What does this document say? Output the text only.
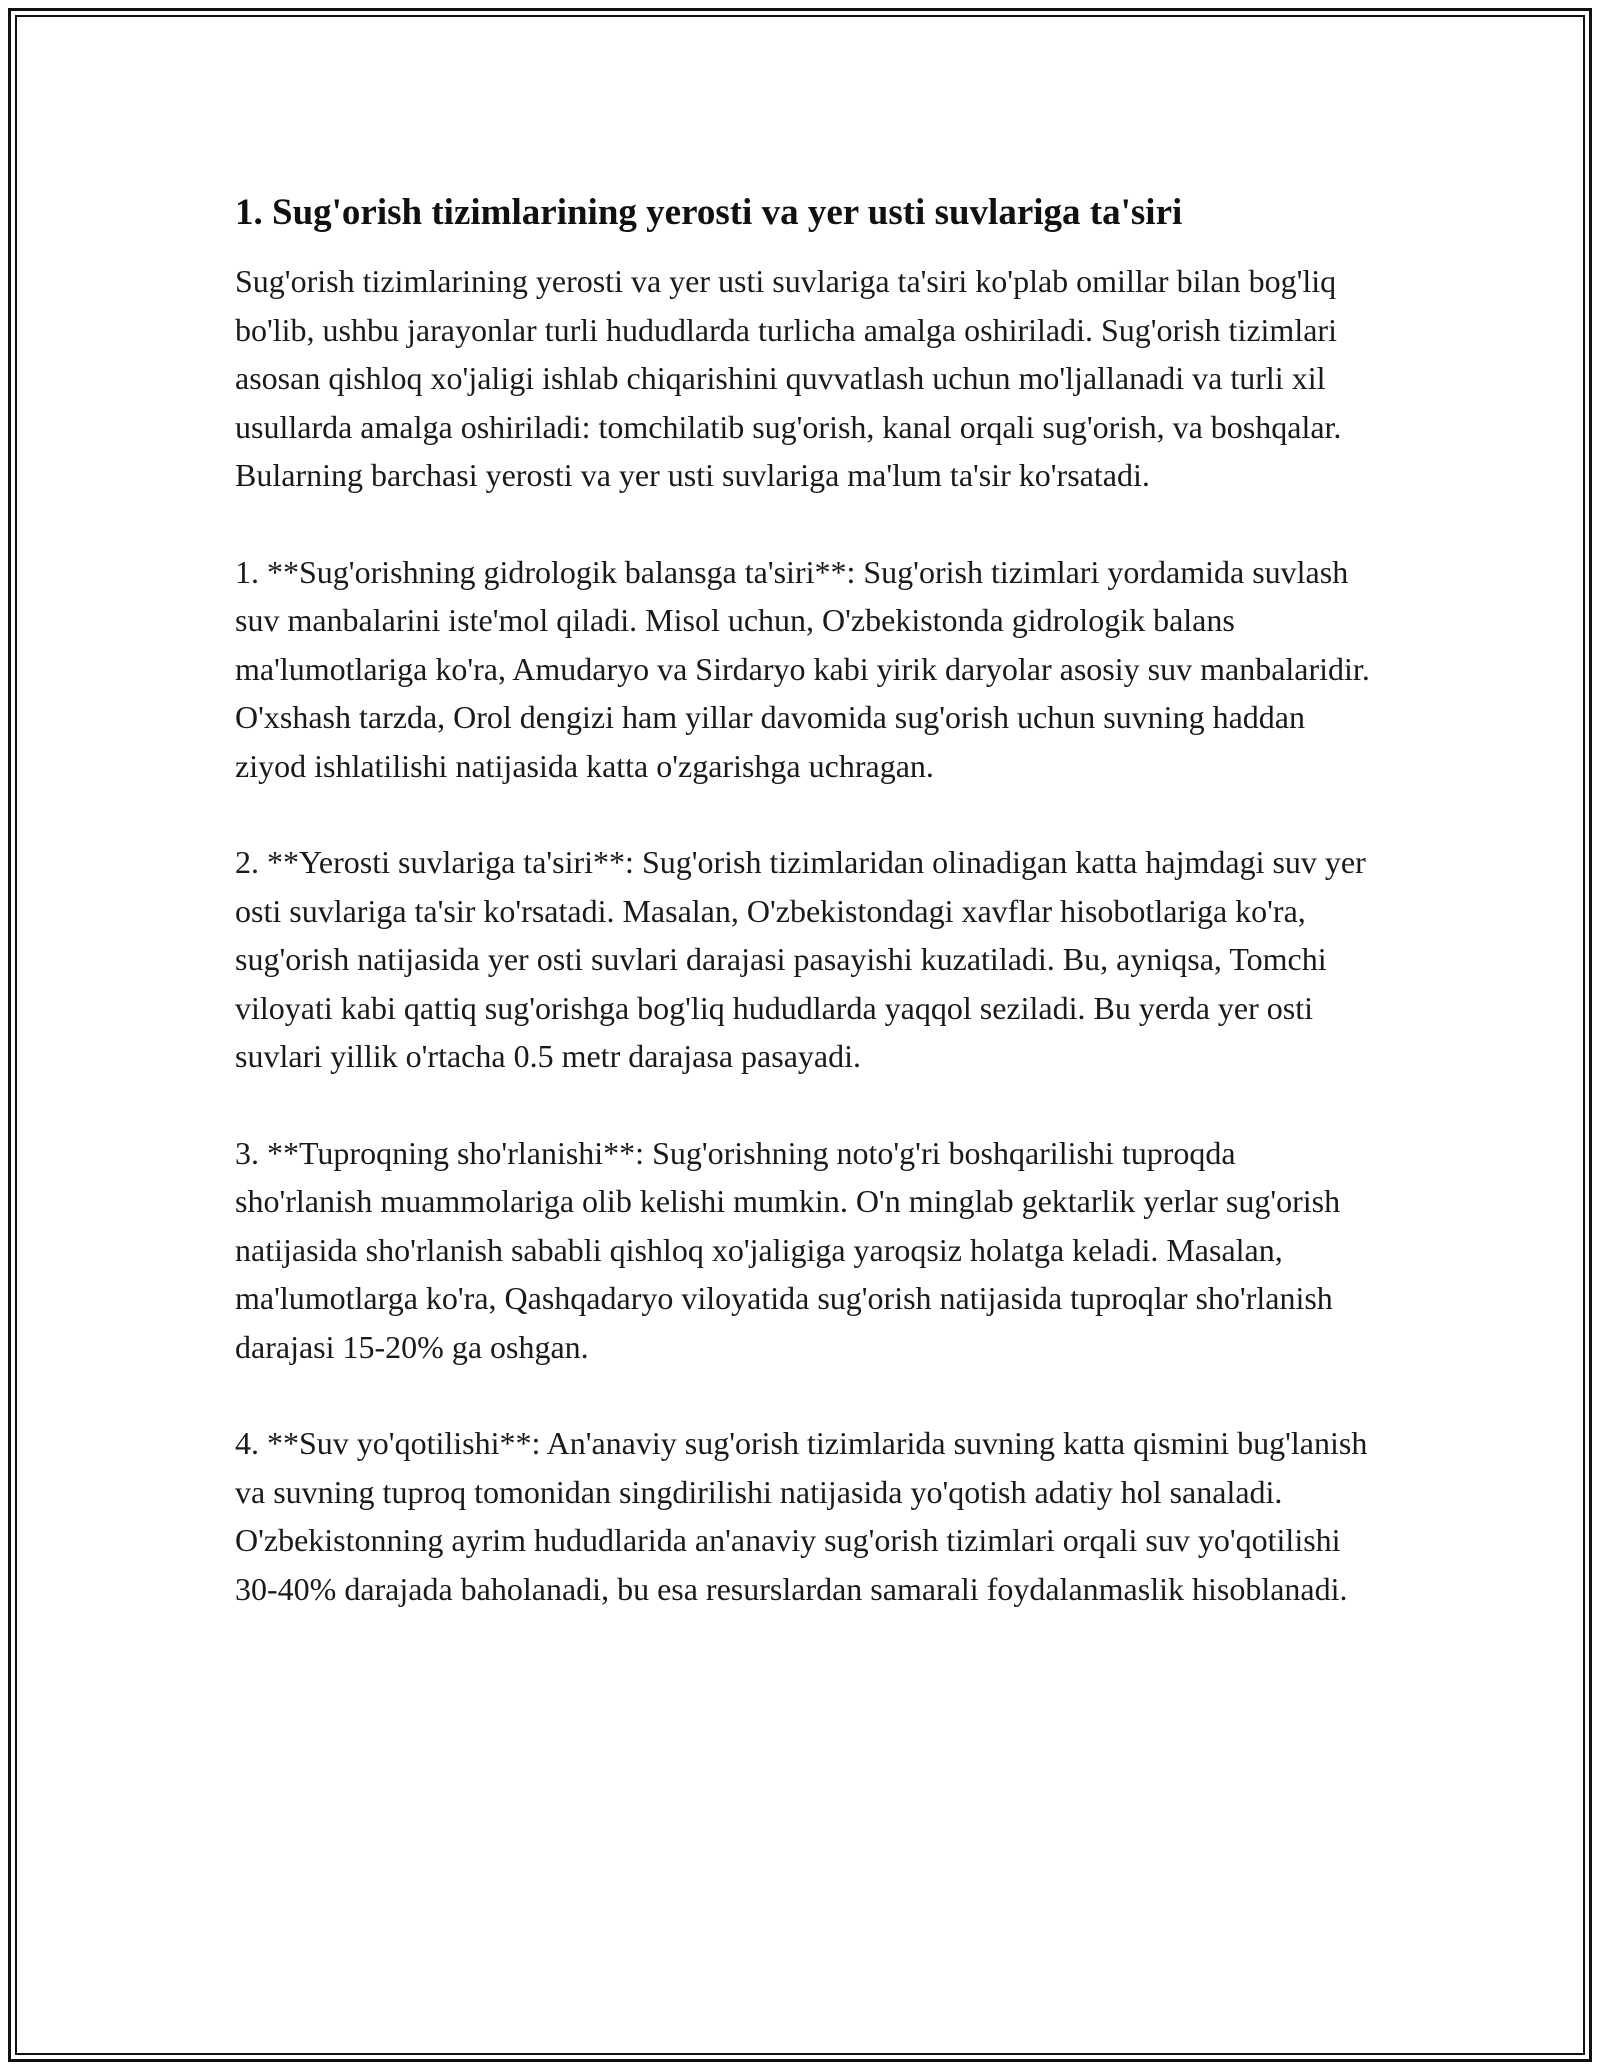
1. Sug'orish tizimlarining yerosti va yer usti suvlariga ta'siri

Sug'orish tizimlarining yerosti va yer usti suvlariga ta'siri ko'plab omillar bilan bog'liq bo'lib, ushbu jarayonlar turli hududlarda turlicha amalga oshiriladi. Sug'orish tizimlari asosan qishloq xo'jaligi ishlab chiqarishini quvvatlash uchun mo'ljallanadi va turli xil usullarda amalga oshiriladi: tomchilatib sug'orish, kanal orqali sug'orish, va boshqalar. Bularning barchasi yerosti va yer usti suvlariga ma'lum ta'sir ko'rsatadi.

1. **Sug'orishning gidrologik balansga ta'siri**: Sug'orish tizimlari yordamida suvlash suv manbalarini iste'mol qiladi. Misol uchun, O'zbekistonda gidrologik balans ma'lumotlariga ko'ra, Amudaryo va Sirdaryo kabi yirik daryolar asosiy suv manbalaridir. O'xshash tarzda, Orol dengizi ham yillar davomida sug'orish uchun suvning haddan ziyod ishlatilishi natijasida katta o'zgarishga uchragan.

2. **Yerosti suvlariga ta'siri**: Sug'orish tizimlaridan olinadigan katta hajmdagi suv yer osti suvlariga ta'sir ko'rsatadi. Masalan, O'zbekistondagi xavflar hisobotlariga ko'ra, sug'orish natijasida yer osti suvlari darajasi pasayishi kuzatiladi. Bu, ayniqsa, Tomchi viloyati kabi qattiq sug'orishga bog'liq hududlarda yaqqol seziladi. Bu yerda yer osti suvlari yillik o'rtacha 0.5 metr darajasa pasayadi.

3. **Tuproqning sho'rlanishi**: Sug'orishning noto'g'ri boshqarilishi tuproqda sho'rlanish muammolariga olib kelishi mumkin. O'n minglab gektarlik yerlar sug'orish natijasida sho'rlanish sababli qishloq xo'jaligiga yaroqsiz holatga keladi. Masalan, ma'lumotlarga ko'ra, Qashqadaryo viloyatida sug'orish natijasida tuproqlar sho'rlanish darajasi 15-20% ga oshgan.

4. **Suv yo'qotilishi**: An'anaviy sug'orish tizimlarida suvning katta qismini bug'lanish va suvning tuproq tomonidan singdirilishi natijasida yo'qotish adatiy hol sanaladi. O'zbekistonning ayrim hududlarida an'anaviy sug'orish tizimlari orqali suv yo'qotilishi 30-40% darajada baholanadi, bu esa resurslardan samarali foydalanmaslik hisoblanadi.
